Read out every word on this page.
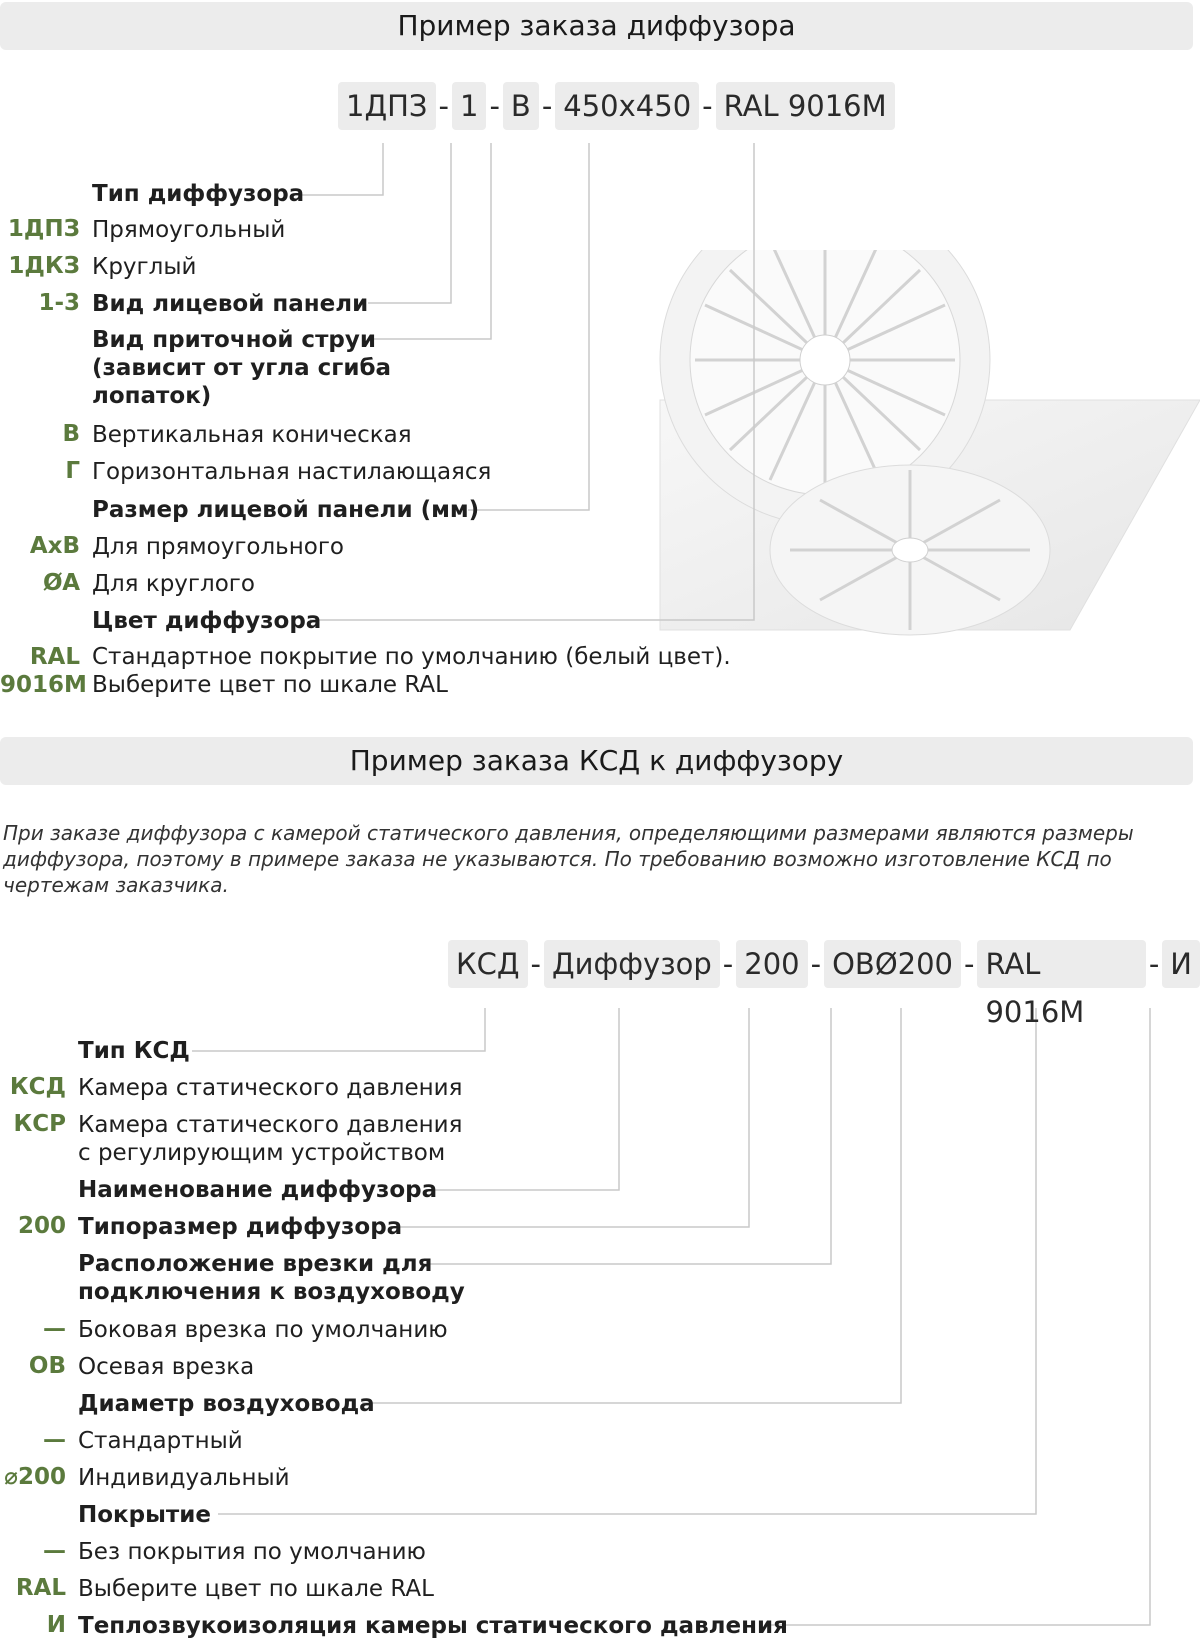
Пример заказа диффузора
1ДПЗ - 1 - В - 450x450 - RAL 9016M
Тип диффузора
1ДПЗ Прямоугольный
1ДКЗ Круглый
1-3 Вид лицевой панели
Вид приточной струи (зависит от угла сгиба лопаток)
В Вертикальная коническая
Г Горизонтальная настилающаяся
Размер лицевой панели (мм)
AxB Для прямоугольного
ØA Для круглого
Цвет диффузора
RAL 9016M
Стандартное покрытие по умолчанию (белый цвет). Выберите цвет по шкале RAL
Пример заказа КСД к диффузору
При заказе диффузора с камерой статического давления, определяющими размерами являются размеры диффузора, поэтому в примере заказа не указываются. По требованию возможно изготовление КСД по чертежам заказчика.
КСД - Диффузор - 200 - ОВØ200 - RAL 9016M
- И
Тип КСД
КСД Камера статического давления
КСР Камера статического давления с регулирующим устройством
Наименование диффузора
200 Типоразмер диффузора
Расположение врезки для подключения к воздуховоду
— Боковая врезка по умолчанию
ОВ Осевая врезка
Диаметр воздуховода
— Стандартный
⌀200 Индивидуальный
Покрытие
— Без покрытия по умолчанию
RAL Выберите цвет по шкале RAL
И Теплозвукоизоляция камеры статического давления
